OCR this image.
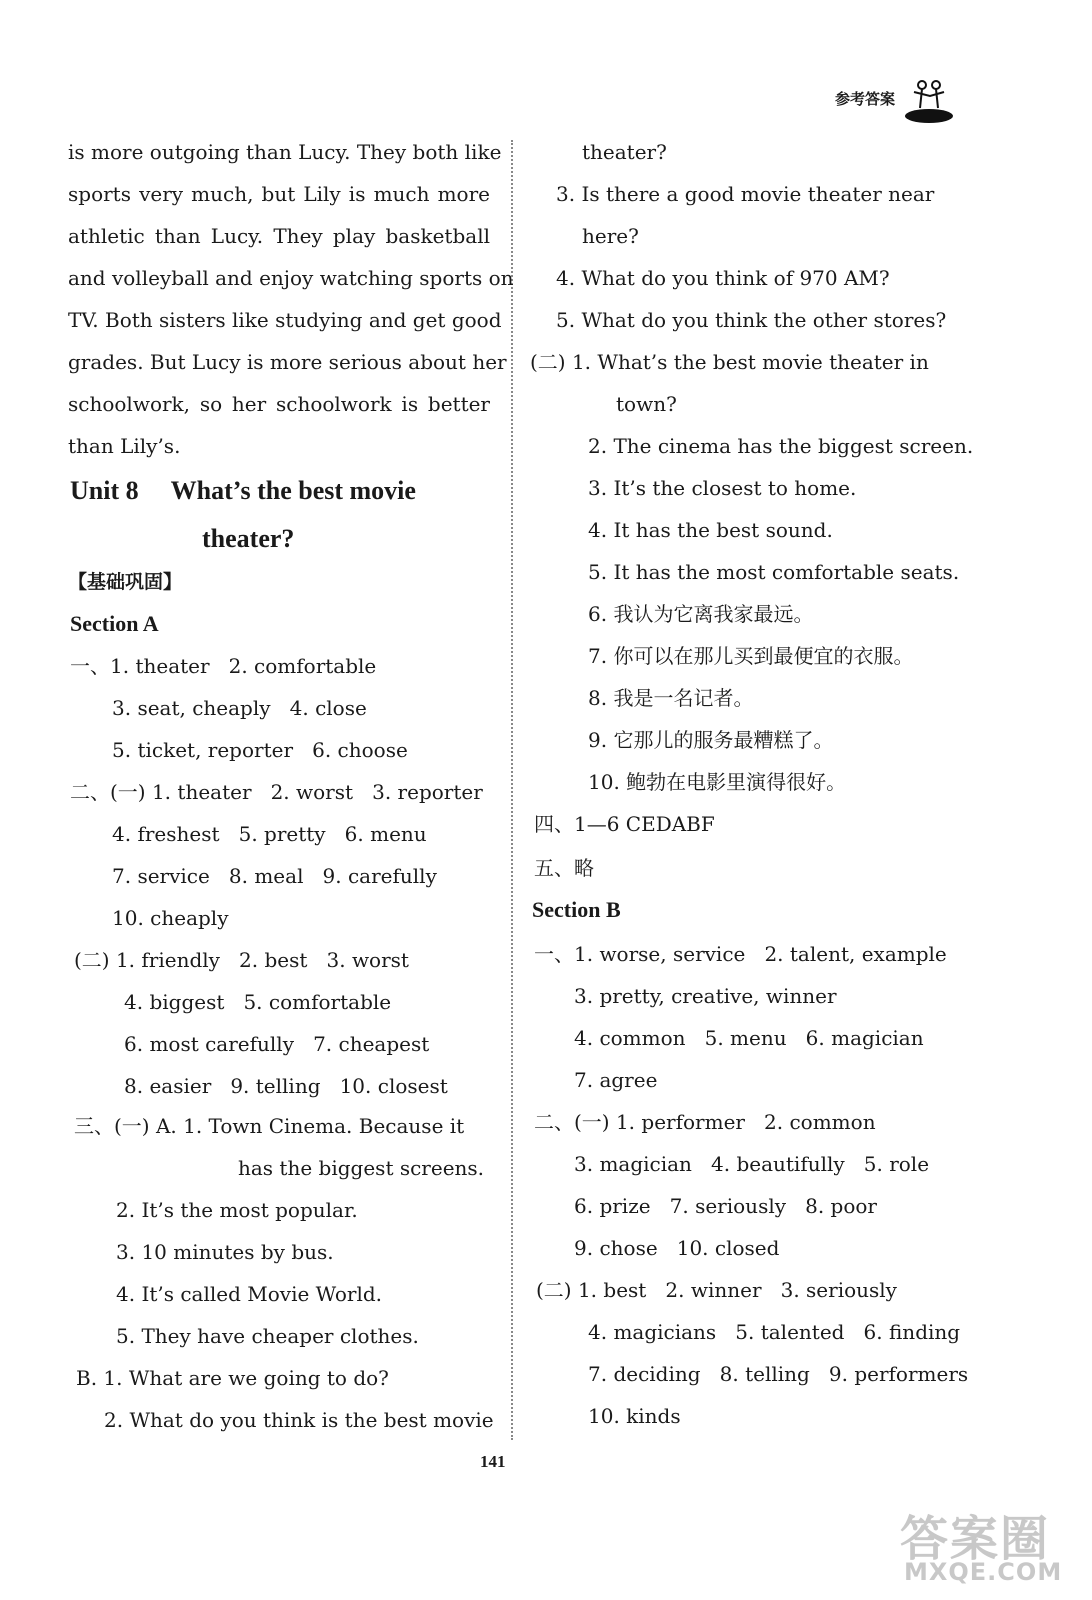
参考答案
is more outgoing than Lucy. They both like
sports very much, but Lily is much more
athletic than Lucy. They play basketball
and volleyball and enjoy watching sports on
TV. Both sisters like studying and get good
grades. But Lucy is more serious about her
schoolwork, so her schoolwork is better
than Lily’s.
Unit 8     What’s the best movie
theater?
【基础巩固】
Section A
一、1. theater   2. comfortable
3. seat, cheaply   4. close
5. ticket, reporter   6. choose
二、(一) 1. theater   2. worst   3. reporter
4. freshest   5. pretty   6. menu
7. service   8. meal   9. carefully
10. cheaply
(二) 1. friendly   2. best   3. worst
4. biggest   5. comfortable
6. most carefully   7. cheapest
8. easier   9. telling   10. closest
三、(一) A. 1. Town Cinema. Because it
has the biggest screens.
2. It’s the most popular.
3. 10 minutes by bus.
4. It’s called Movie World.
5. They have cheaper clothes.
B. 1. What are we going to do?
2. What do you think is the best movie
theater?
3. Is there a good movie theater near
here?
4. What do you think of 970 AM?
5. What do you think the other stores?
(二) 1. What’s the best movie theater in
town?
2. The cinema has the biggest screen.
3. It’s the closest to home.
4. It has the best sound.
5. It has the most comfortable seats.
6. 我认为它离我家最远。
7. 你可以在那儿买到最便宜的衣服。
8. 我是一名记者。
9. 它那儿的服务最糟糕了。
10. 鲍勃在电影里演得很好。
四、1—6 CEDABF
五、略
Section B
一、1. worse, service   2. talent, example
3. pretty, creative, winner
4. common   5. menu   6. magician
7. agree
二、(一) 1. performer   2. common
3. magician   4. beautifully   5. role
6. prize   7. seriously   8. poor
9. chose   10. closed
(二) 1. best   2. winner   3. seriously
4. magicians   5. talented   6. finding
7. deciding   8. telling   9. performers
10. kinds
141
答案圈
MXQE.COM
